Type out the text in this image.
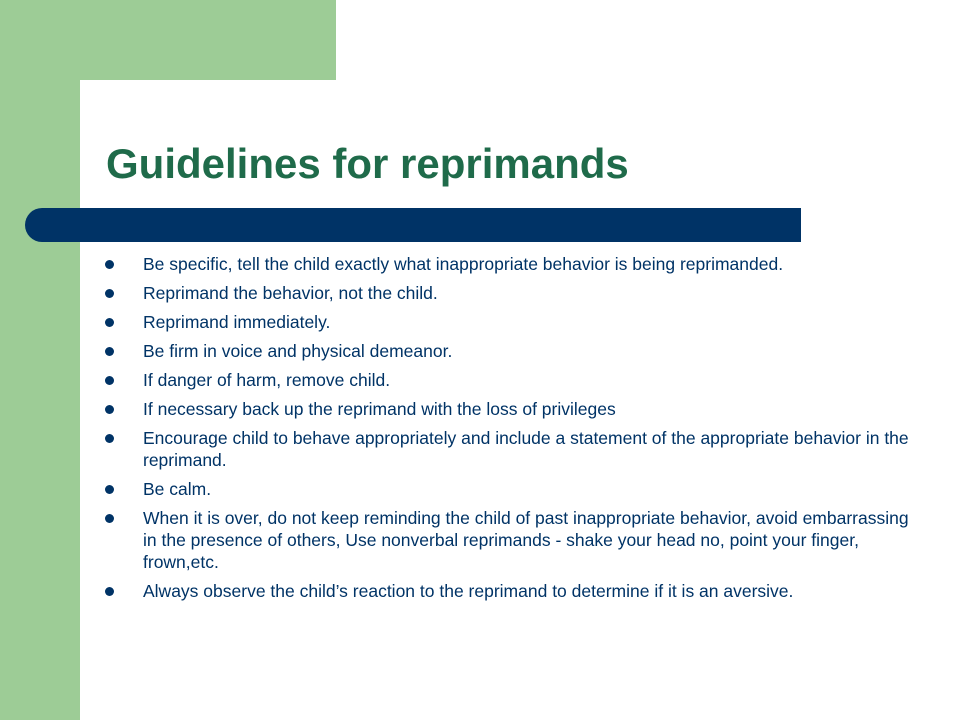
Guidelines for reprimands
Be specific, tell the child exactly what inappropriate behavior is being reprimanded.
Reprimand the behavior, not the child.
Reprimand immediately.
Be firm in voice and physical demeanor.
If danger of harm, remove child.
If necessary back up the reprimand with the loss of privileges
Encourage child to behave appropriately and include a statement of the appropriate behavior in the reprimand.
Be calm.
When it is over, do not keep reminding the child of past inappropriate behavior, avoid embarrassing in the presence of others, Use nonverbal reprimands - shake your head no, point your finger, frown,etc.
Always observe the child’s reaction to the reprimand to determine if it is an aversive.
